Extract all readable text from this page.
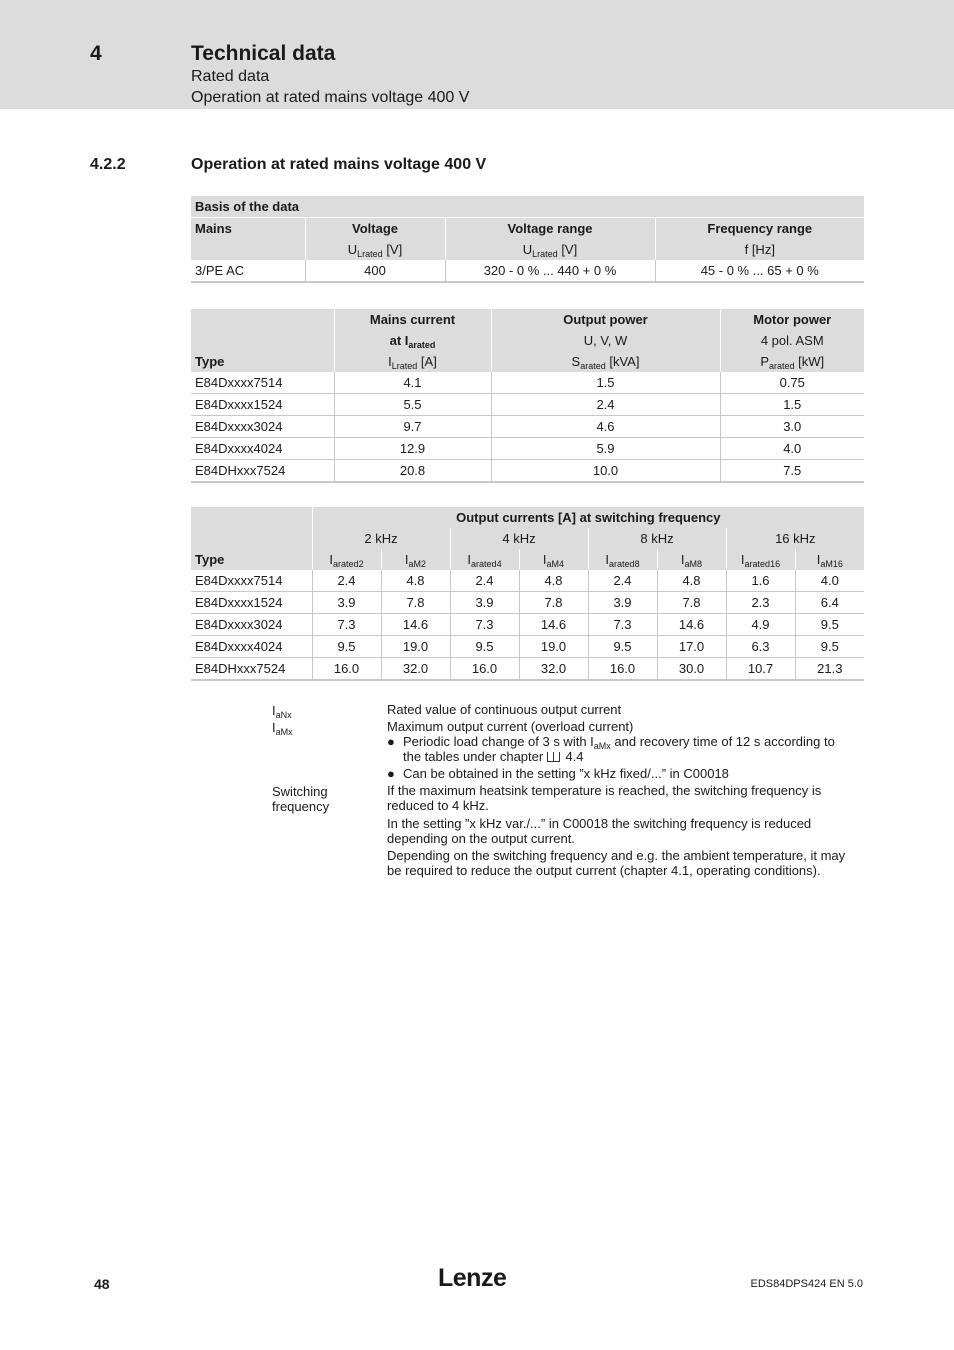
4	Technical data
Rated data
Operation at rated mains voltage 400 V
4.2.2	Operation at rated mains voltage 400 V
Basis of the data			
Mains	Voltage	Voltage range	Frequency range
	$U_{Lrated}$ [V]	$U_{Lrated}$ [V]	f [Hz]
3/PE AC	400	320 - 0 % ... 440 + 0 %	45 - 0 % ... 65 + 0 %
	Mains current	Output power	Motor power
	at $I_{arated}$	U, V, W	4 pol. ASM
Type	$I_{Lrated}$ [A]	$S_{arated}$ [kVA]	$P_{arated}$ [kW]
E84Dxxxx7514	4.1	1.5	0.75
E84Dxxxx1524	5.5	2.4	1.5
E84Dxxxx3024	9.7	4.6	3.0
E84Dxxxx4024	12.9	5.9	4.0
E84DHxxx7524	20.8	10.0	7.5
	Output currents [A] at switching frequency							
	2 kHz		4 kHz		8 kHz		16 kHz	
Type	$I_{arated2}$	$I_{aM2}$	$I_{arated4}$	$I_{aM4}$	$I_{arated8}$	$I_{aM8}$	$I_{arated16}$	$I_{aM16}$
E84Dxxxx7514	2.4	4.8	2.4	4.8	2.4	4.8	1.6	4.0
E84Dxxxx1524	3.9	7.8	3.9	7.8	3.9	7.8	2.3	6.4
E84Dxxxx3024	7.3	14.6	7.3	14.6	7.3	14.6	4.9	9.5
E84Dxxxx4024	9.5	19.0	9.5	19.0	9.5	17.0	6.3	9.5
E84DHxxx7524	16.0	32.0	16.0	32.0	16.0	30.0	10.7	21.3
$I_{aNx}$	Rated value of continuous output current
$I_{aMx}$	Maximum output current (overload current)
● Periodic load change of 3 s with $I_{aMx}$ and recovery time of 12 s according to the tables under chapter
4.4
● Can be obtained in the setting ”x kHz fixed/...” in C00018
Switching frequency
If the maximum heatsink temperature is reached, the switching frequency is reduced to 4 kHz.
In the setting ”x kHz var./...” in C00018 the switching frequency is reduced depending on the output current.
Depending on the switching frequency and e.g. the ambient temperature, it may be required to reduce the output current (chapter 4.1, operating conditions).
48	Lenze	EDS84DPS424 EN 5.0
